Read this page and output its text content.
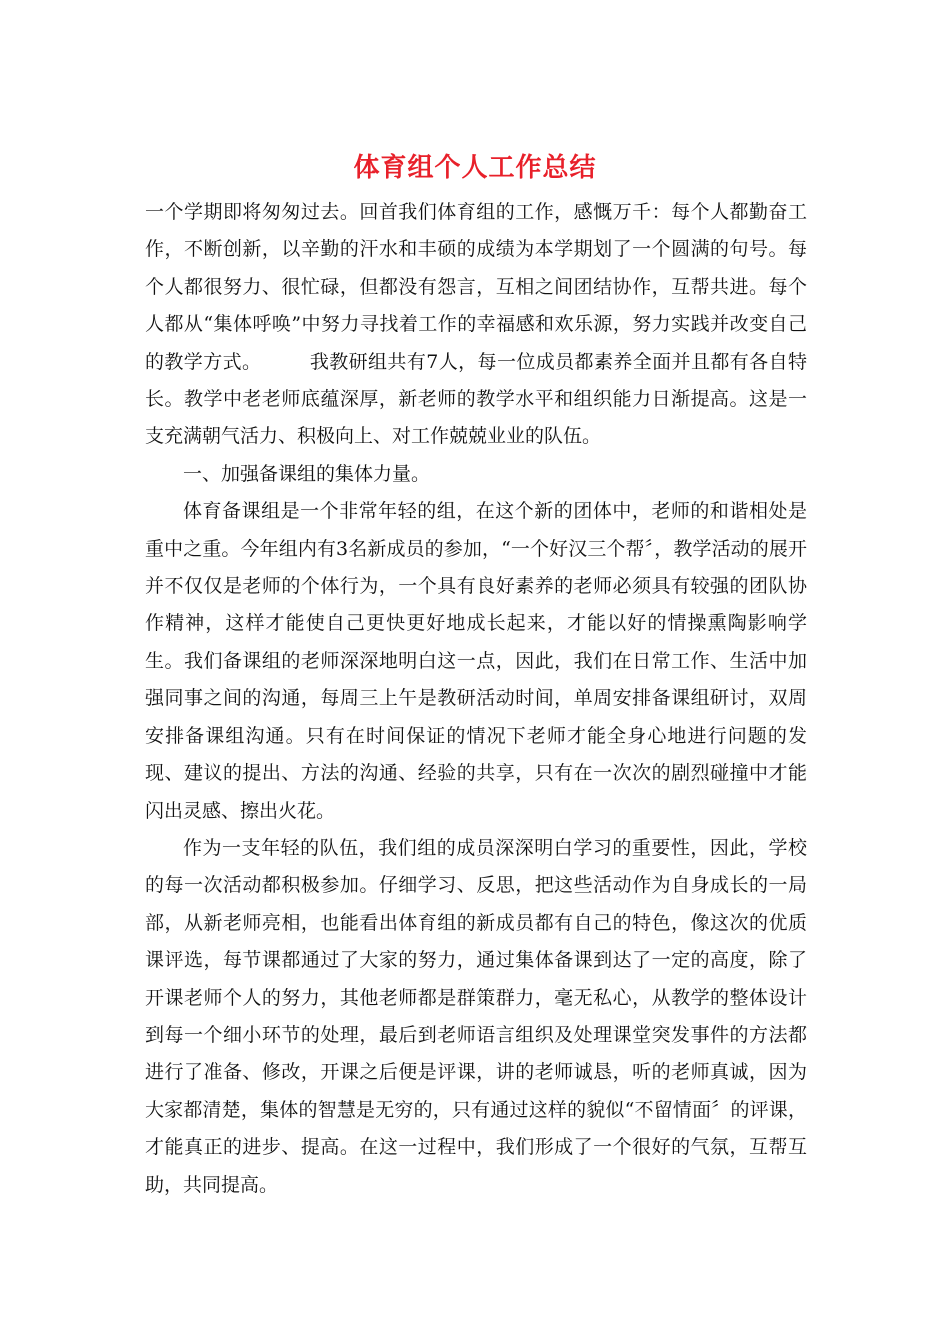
体育组个人工作总结

一个学期即将匆匆过去。回首我们体育组的工作，感慨万千：每个人都勤奋工作，不断创新，以辛勤的汗水和丰硕的成绩为本学期划了一个圆满的句号。每个人都很努力、很忙碌，但都没有怨言，互相之间团结协作，互帮共进。每个人都从“集体呼唤”中努力寻找着工作的幸福感和欢乐源，努力实践并改变自己的教学方式。	我教研组共有7人，每一位成员都素养全面并且都有各自特长。教学中老老师底蕴深厚，新老师的教学水平和组织能力日渐提高。这是一支充满朝气活力、积极向上、对工作兢兢业业的队伍。

一、加强备课组的集体力量。

体育备课组是一个非常年轻的组，在这个新的团体中，老师的和谐相处是重中之重。今年组内有3名新成员的参加，“一个好汉三个帮〞，教学活动的展开并不仅仅是老师的个体行为，一个具有良好素养的老师必须具有较强的团队协作精神，这样才能使自己更快更好地成长起来，才能以好的情操熏陶影响学生。我们备课组的老师深深地明白这一点，因此，我们在日常工作、生活中加强同事之间的沟通，每周三上午是教研活动时间，单周安排备课组研讨，双周安排备课组沟通。只有在时间保证的情况下老师才能全身心地进行问题的发现、建议的提出、方法的沟通、经验的共享，只有在一次次的剧烈碰撞中才能闪出灵感、擦出火花。

作为一支年轻的队伍，我们组的成员深深明白学习的重要性，因此，学校的每一次活动都积极参加。仔细学习、反思，把这些活动作为自身成长的一局部，从新老师亮相，也能看出体育组的新成员都有自己的特色，像这次的优质课评选，每节课都通过了大家的努力，通过集体备课到达了一定的高度，除了开课老师个人的努力，其他老师都是群策群力，毫无私心，从教学的整体设计到每一个细小环节的处理，最后到老师语言组织及处理课堂突发事件的方法都进行了准备、修改，开课之后便是评课，讲的老师诚恳，听的老师真诚，因为大家都清楚，集体的智慧是无穷的，只有通过这样的貌似“不留情面〞的评课，才能真正的进步、提高。在这一过程中，我们形成了一个很好的气氛，互帮互助，共同提高。
